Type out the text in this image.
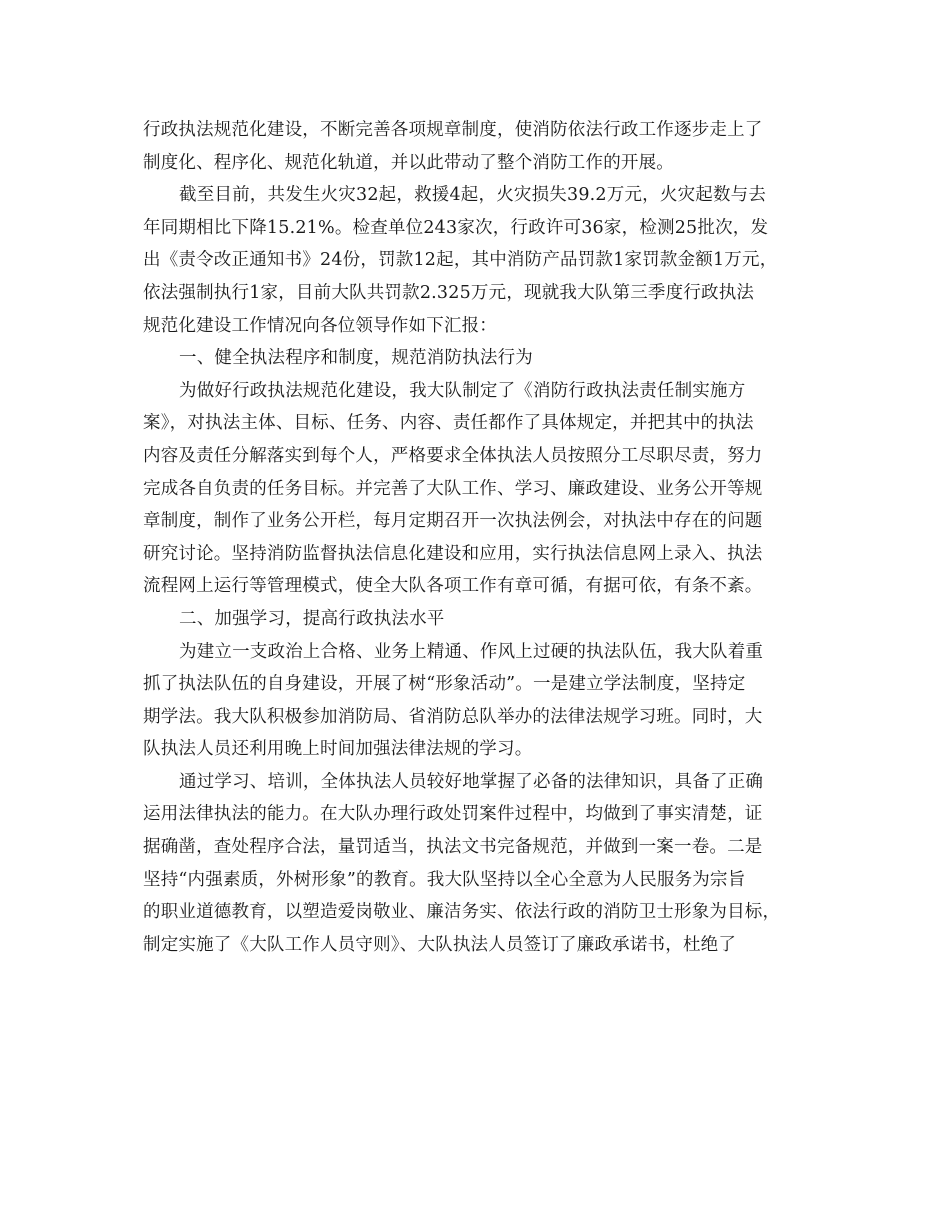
行政执法规范化建设，不断完善各项规章制度，使消防依法行政工作逐步走上了
制度化、程序化、规范化轨道，并以此带动了整个消防工作的开展。
截至目前，共发生火灾32起，救援4起，火灾损失39.2万元，火灾起数与去
年同期相比下降15.21%。检查单位243家次，行政许可36家，检测25批次，发
出《责令改正通知书》24份，罚款12起，其中消防产品罚款1家罚款金额1万元，
依法强制执行1家，目前大队共罚款2.325万元，现就我大队第三季度行政执法
规范化建设工作情况向各位领导作如下汇报：
一、健全执法程序和制度，规范消防执法行为
为做好行政执法规范化建设，我大队制定了《消防行政执法责任制实施方
案》，对执法主体、目标、任务、内容、责任都作了具体规定，并把其中的执法
内容及责任分解落实到每个人，严格要求全体执法人员按照分工尽职尽责，努力
完成各自负责的任务目标。并完善了大队工作、学习、廉政建设、业务公开等规
章制度，制作了业务公开栏，每月定期召开一次执法例会，对执法中存在的问题
研究讨论。坚持消防监督执法信息化建设和应用，实行执法信息网上录入、执法
流程网上运行等管理模式，使全大队各项工作有章可循，有据可依，有条不紊。
二、加强学习，提高行政执法水平
为建立一支政治上合格、业务上精通、作风上过硬的执法队伍，我大队着重
抓了执法队伍的自身建设，开展了树“形象活动”。一是建立学法制度，坚持定
期学法。我大队积极参加消防局、省消防总队举办的法律法规学习班。同时，大
队执法人员还利用晚上时间加强法律法规的学习。
通过学习、培训，全体执法人员较好地掌握了必备的法律知识，具备了正确
运用法律执法的能力。在大队办理行政处罚案件过程中，均做到了事实清楚，证
据确凿，查处程序合法，量罚适当，执法文书完备规范，并做到一案一卷。二是
坚持“内强素质，外树形象”的教育。我大队坚持以全心全意为人民服务为宗旨
的职业道德教育，以塑造爱岗敬业、廉洁务实、依法行政的消防卫士形象为目标，
制定实施了《大队工作人员守则》、大队执法人员签订了廉政承诺书，杜绝了
